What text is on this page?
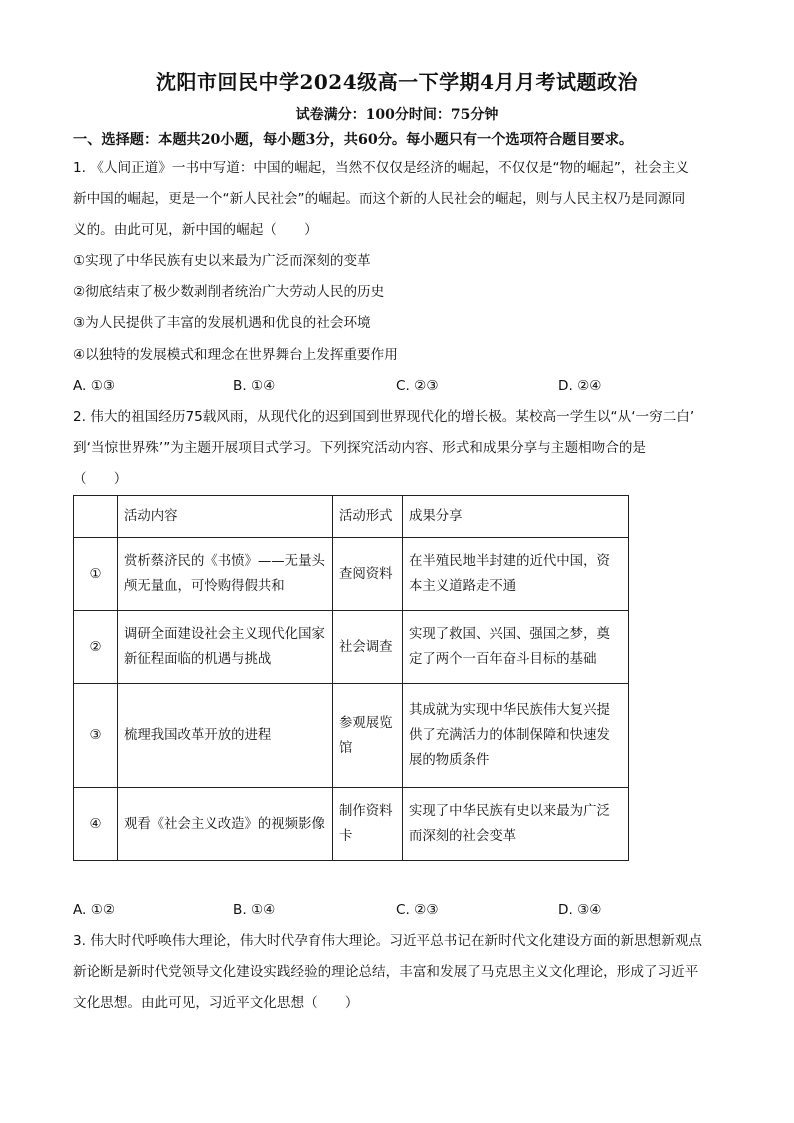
沈阳市回民中学2024级高一下学期4月月考试题政治
试卷满分：100分时间：75分钟
一、选择题：本题共20小题，每小题3分，共60分。每小题只有一个选项符合题目要求。
1. 《人间正道》一书中写道：中国的崛起，当然不仅仅是经济的崛起，不仅仅是“物的崛起”，社会主义
新中国的崛起，更是一个“新人民社会”的崛起。而这个新的人民社会的崛起，则与人民主权乃是同源同
义的。由此可见，新中国的崛起（　　）
①实现了中华民族有史以来最为广泛而深刻的变革
②彻底结束了极少数剥削者统治广大劳动人民的历史
③为人民提供了丰富的发展机遇和优良的社会环境
④以独特的发展模式和理念在世界舞台上发挥重要作用
A. ①③	B. ①④	C. ②③	D. ②④
2. 伟大的祖国经历75载风雨，从现代化的迟到国到世界现代化的增长极。某校高一学生以“从‘一穷二白’
到‘当惊世界殊’”为主题开展项目式学习。下列探究活动内容、形式和成果分享与主题相吻合的是
（　　）
	活动内容	活动形式	成果分享
①	赏析蔡济民的《书愤》——无量头颅无量血，可怜购得假共和	查阅资料	在半殖民地半封建的近代中国，资本主义道路走不通
②	调研全面建设社会主义现代化国家新征程面临的机遇与挑战	社会调查	实现了救国、兴国、强国之梦，奠定了两个一百年奋斗目标的基础
③	梳理我国改革开放的进程	参观展览馆	其成就为实现中华民族伟大复兴提供了充满活力的体制保障和快速发展的物质条件
④	观看《社会主义改造》的视频影像	制作资料卡	实现了中华民族有史以来最为广泛而深刻的社会变革
A. ①②	B. ①④	C. ②③	D. ③④
3. 伟大时代呼唤伟大理论，伟大时代孕育伟大理论。习近平总书记在新时代文化建设方面的新思想新观点
新论断是新时代党领导文化建设实践经验的理论总结，丰富和发展了马克思主义文化理论，形成了习近平
文化思想。由此可见，习近平文化思想（　　）
